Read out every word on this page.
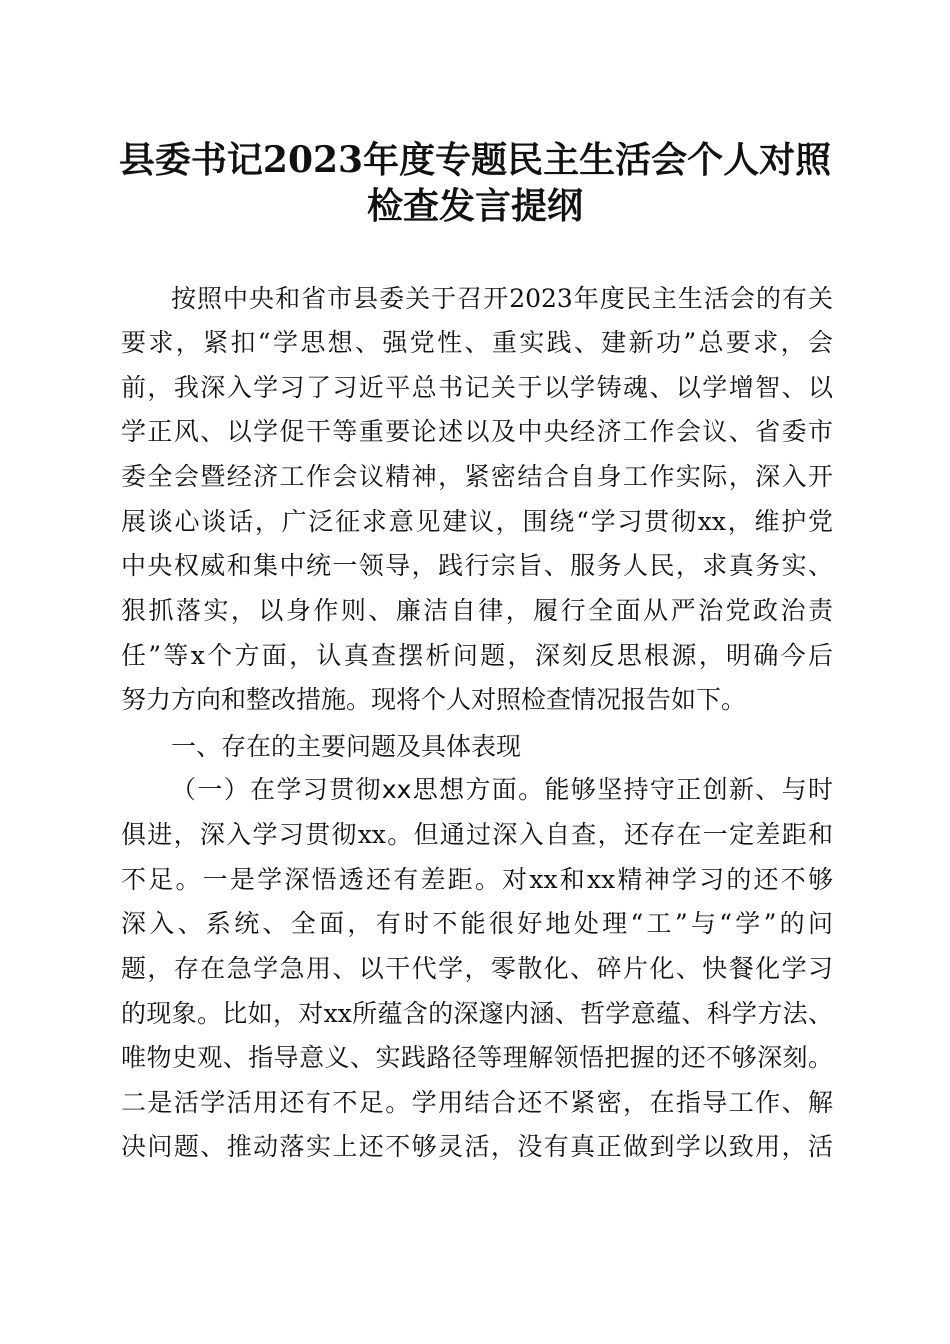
县委书记2023年度专题民主生活会个人对照
检查发言提纲
按照中央和省市县委关于召开2023年度民主生活会的有关
要求，紧扣“学思想、强党性、重实践、建新功”总要求，会
前，我深入学习了习近平总书记关于以学铸魂、以学增智、以
学正风、以学促干等重要论述以及中央经济工作会议、省委市
委全会暨经济工作会议精神，紧密结合自身工作实际，深入开
展谈心谈话，广泛征求意见建议，围绕“学习贯彻xx，维护党
中央权威和集中统一领导，践行宗旨、服务人民，求真务实、
狠抓落实，以身作则、廉洁自律，履行全面从严治党政治责
任”等x个方面，认真查摆析问题，深刻反思根源，明确今后
努力方向和整改措施。现将个人对照检查情况报告如下。
一、存在的主要问题及具体表现
（一）在学习贯彻xx思想方面。能够坚持守正创新、与时
俱进，深入学习贯彻xx。但通过深入自查，还存在一定差距和
不足。一是学深悟透还有差距。对xx和xx精神学习的还不够
深入、系统、全面，有时不能很好地处理“工”与“学”的问
题，存在急学急用、以干代学，零散化、碎片化、快餐化学习
的现象。比如，对xx所蕴含的深邃内涵、哲学意蕴、科学方法、
唯物史观、指导意义、实践路径等理解领悟把握的还不够深刻。
二是活学活用还有不足。学用结合还不紧密，在指导工作、解
决问题、推动落实上还不够灵活，没有真正做到学以致用，活
